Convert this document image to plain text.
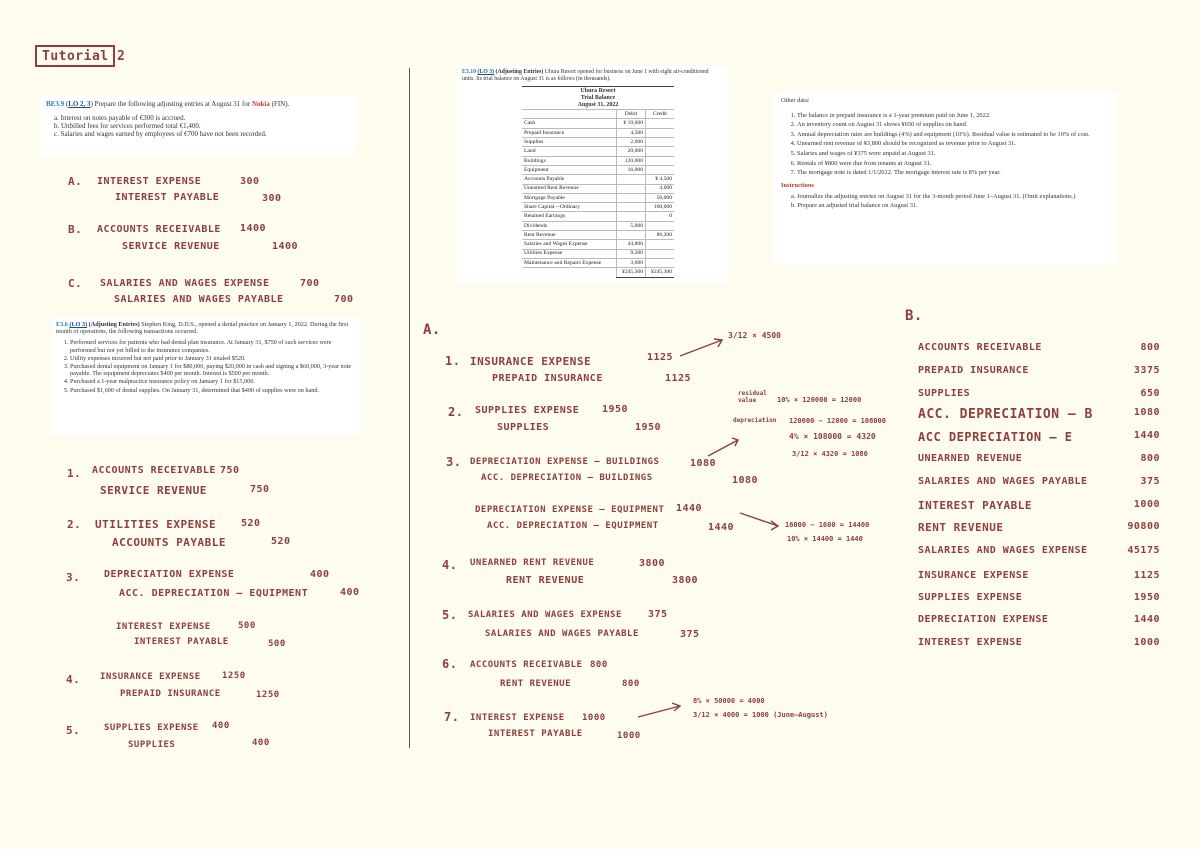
Tutorial 2

BE3.9 (LO 2, 3) Prepare the following adjusting entries at August 31 for Nokia (FIN).

a. Interest on notes payable of €300 is accrued.

b. Unbilled fees for services performed total €1,400.

c. Salaries and wages earned by employees of €700 have not been recorded.

A. INTEREST EXPENSE	300
INTEREST PAYABLE	300
B. ACCOUNTS RECEIVABLE 1400
SERVICE REVENUE	1400
C. SALARIES AND WAGES EXPENSE	700
SALARIES AND WAGES PAYABLE	700

E3.6 (LO 3) (Adjusting Entries) Stephen King, D.D.S., opened a dental practice on January 1, 2022. During the first month of operations, the following transactions occurred.

1. Performed services for patients who had dental plan insurance. At January 31, $750 of such services were performed but not yet billed to the insurance companies.
2. Utility expenses incurred but not paid prior to January 31 totaled $520.
3. Purchased dental equipment on January 1 for $80,000, paying $20,000 in cash and signing a $60,000, 3-year note payable. The equipment depreciates $400 per month. Interest is $500 per month.
4. Purchased a 1-year malpractice insurance policy on January 1 for $15,000.
5. Purchased $1,600 of dental supplies. On January 31, determined that $400 of supplies were on hand.
1. ACCOUNTS RECEIVABLE 750
SERVICE REVENUE	750
2. UTILITIES EXPENSE 520
ACCOUNTS PAYABLE	520
3. DEPRECIATION EXPENSE	400
ACC. DEPRECIATION — EQUIPMENT	400
INTEREST EXPENSE	500
INTEREST PAYABLE	500
4. INSURANCE EXPENSE 1250
PREPAID INSURANCE	1250
5.	SUPPLIES EXPENSE 400
SUPPLIES	400

E3.10 (LO 3) (Adjusting Entries) Uhura Resort opened for business on June 1 with eight air-conditioned units. Its trial balance on August 31 is as follows (in thousands).

Uhura Resort
Trial Balance
August 31, 2022
	Debit	Credit
Cash	¥ 19,600	
Prepaid Insurance	4,500	
Supplies	2,600	
Land	20,000	
Buildings	120,000	
Equipment	16,000	
Accounts Payable		¥ 4,500
Unearned Rent Revenue		4,600
Mortgage Payable		50,000
Share Capital—Ordinary		100,000
Retained Earnings		0
Dividends	5,000	
Rent Revenue		86,200
Salaries and Wages Expense	44,800	
Utilities Expense	9,200	
Maintenance and Repairs Expense	3,600	
	¥245,300	¥245,300

Other data:

1. The balance in prepaid insurance is a 1-year premium paid on June 1, 2022.
2. An inventory count on August 31 shows ¥650 of supplies on hand.
3. Annual depreciation rates are buildings (4%) and equipment (10%). Residual value is estimated to be 10% of cost.
4. Unearned rent revenue of ¥3,800 should be recognized as revenue prior to August 31.
5. Salaries and wages of ¥375 were unpaid at August 31.
6. Rentals of ¥800 were due from tenants at August 31.
7. The mortgage note is dated 1/1/2022. The mortgage interest rate is 8% per year.

Instructions

a. Journalize the adjusting entries on August 31 for the 3-month period June 1–August 31. (Omit explanations.)

b. Prepare an adjusted trial balance on August 31.

A.
1. INSURANCE EXPENSE	1125
PREPAID INSURANCE	1125
2. SUPPLIES EXPENSE 1950
SUPPLIES	1950
3. DEPRECIATION EXPENSE — BUILDINGS	1080
ACC. DEPRECIATION — BUILDINGS	1080
DEPRECIATION EXPENSE — EQUIPMENT 1440
ACC. DEPRECIATION — EQUIPMENT	1440
4. UNEARNED RENT REVENUE	3800
RENT REVENUE	3800
5. SALARIES AND WAGES EXPENSE	375
SALARIES AND WAGES PAYABLE	375
6. ACCOUNTS RECEIVABLE 800
RENT REVENUE	800
7. INTEREST EXPENSE 1000
INTEREST PAYABLE	1000
3/12 × 4500
residual value	10% × 120000 = 12000
depreciation 120000 − 12000 = 108000
4% × 108000 = 4320
3/12 × 4320 = 1080
16000 − 1600 = 14400
10% × 14400 = 1440
8% × 50000 = 4000
3/12 × 4000 = 1000 (June–August)
B.
ACCOUNTS RECEIVABLE	800
PREPAID INSURANCE	3375
SUPPLIES	650
ACC. DEPRECIATION — B	1080
ACC DEPRECIATION — E	1440
UNEARNED REVENUE	800
SALARIES AND WAGES PAYABLE	375
INTEREST PAYABLE	1000
RENT REVENUE	90800
SALARIES AND WAGES EXPENSE	45175
INSURANCE EXPENSE	1125
SUPPLIES EXPENSE	1950
DEPRECIATION EXPENSE	1440
INTEREST EXPENSE	1000
